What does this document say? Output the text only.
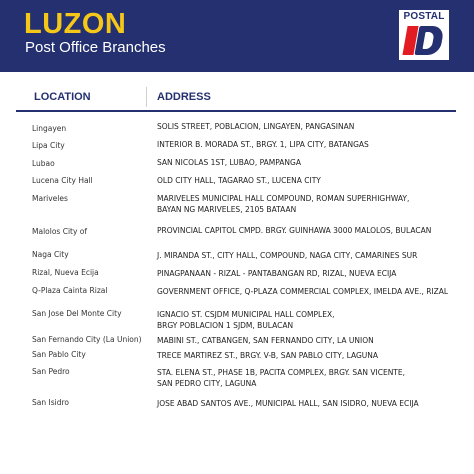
LUZON
Post Office Branches
POSTAL
LOCATION	ADDRESS
Lingayen	SOLIS STREET, POBLACION, LINGAYEN, PANGASINAN
Lipa City	INTERIOR B. MORADA ST., BRGY. 1, LIPA CITY, BATANGAS
Lubao	SAN NICOLAS 1ST, LUBAO, PAMPANGA
Lucena City Hall	OLD CITY HALL, TAGARAO ST., LUCENA CITY
Mariveles	MARIVELES MUNICIPAL HALL COMPOUND, ROMAN SUPERHIGHWAY,
BAYAN NG MARIVELES, 2105 BATAAN
Malolos City of	PROVINCIAL CAPITOL CMPD. BRGY. GUINHAWA 3000 MALOLOS, BULACAN
Naga City	J. MIRANDA ST., CITY HALL, COMPOUND, NAGA CITY, CAMARINES SUR
Rizal, Nueva Ecija	PINAGPANAAN - RIZAL - PANTABANGAN RD, RIZAL, NUEVA ECIJA
Q-Plaza Cainta Rizal	GOVERNMENT OFFICE, Q-PLAZA COMMERCIAL COMPLEX, IMELDA AVE., RIZAL
San Jose Del Monte City	IGNACIO ST. CSJDM MUNICIPAL HALL COMPLEX,
BRGY POBLACION 1 SJDM, BULACAN
San Fernando City (La Union)	MABINI ST., CATBANGEN, SAN FERNANDO CITY, LA UNION
San Pablo City	TRECE MARTIREZ ST., BRGY. V-B, SAN PABLO CITY, LAGUNA
San Pedro	STA. ELENA ST., PHASE 1B, PACITA COMPLEX, BRGY. SAN VICENTE,
SAN PEDRO CITY, LAGUNA
San Isidro	JOSE ABAD SANTOS AVE., MUNICIPAL HALL, SAN ISIDRO, NUEVA ECIJA
